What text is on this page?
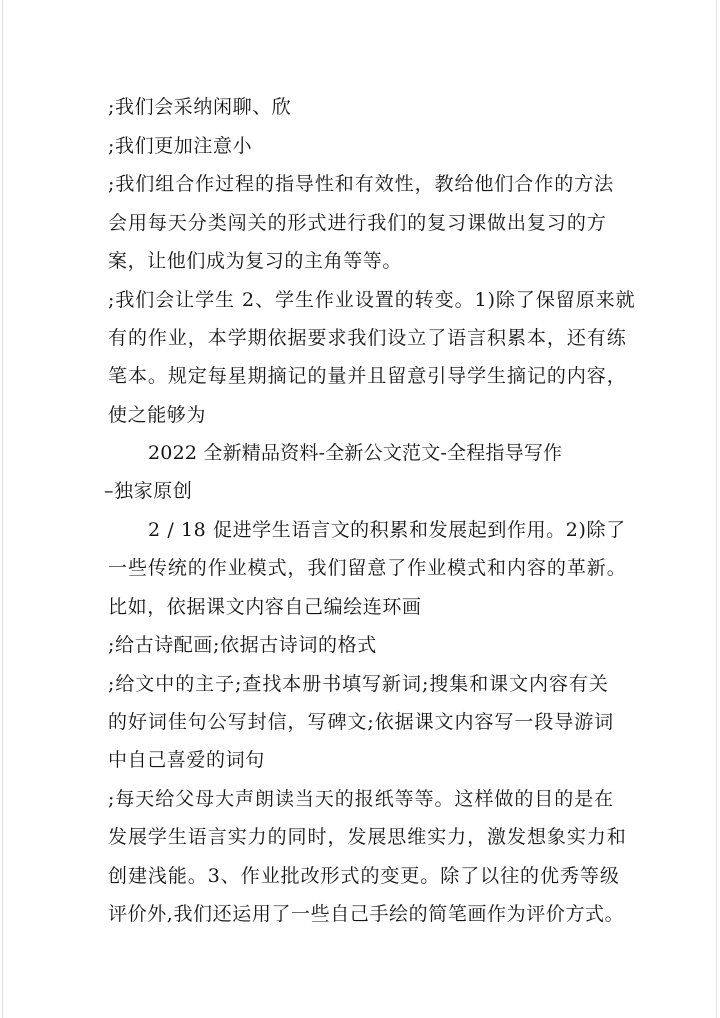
;我们会采纳闲聊、欣
;我们更加注意小
;我们组合作过程的指导性和有效性，教给他们合作的方法
会用每天分类闯关的形式进行我们的复习课做出复习的方
案，让他们成为复习的主角等等。
;我们会让学生 2、学生作业设置的转变。1)除了保留原来就
有的作业，本学期依据要求我们设立了语言积累本，还有练
笔本。规定每星期摘记的量并且留意引导学生摘记的内容，
使之能够为
2022 全新精品资料-全新公文范文-全程指导写作
–独家原创
2 / 18 促进学生语言文的积累和发展起到作用。2)除了
一些传统的作业模式，我们留意了作业模式和内容的革新。
比如，依据课文内容自己编绘连环画
;给古诗配画;依据古诗词的格式
;给文中的主子;查找本册书填写新词;搜集和课文内容有关
的好词佳句公写封信，写碑文;依据课文内容写一段导游词
中自己喜爱的词句
;每天给父母大声朗读当天的报纸等等。这样做的目的是在
发展学生语言实力的同时，发展思维实力，激发想象实力和
创建浅能。3、作业批改形式的变更。除了以往的优秀等级
评价外,我们还运用了一些自己手绘的简笔画作为评价方式。
